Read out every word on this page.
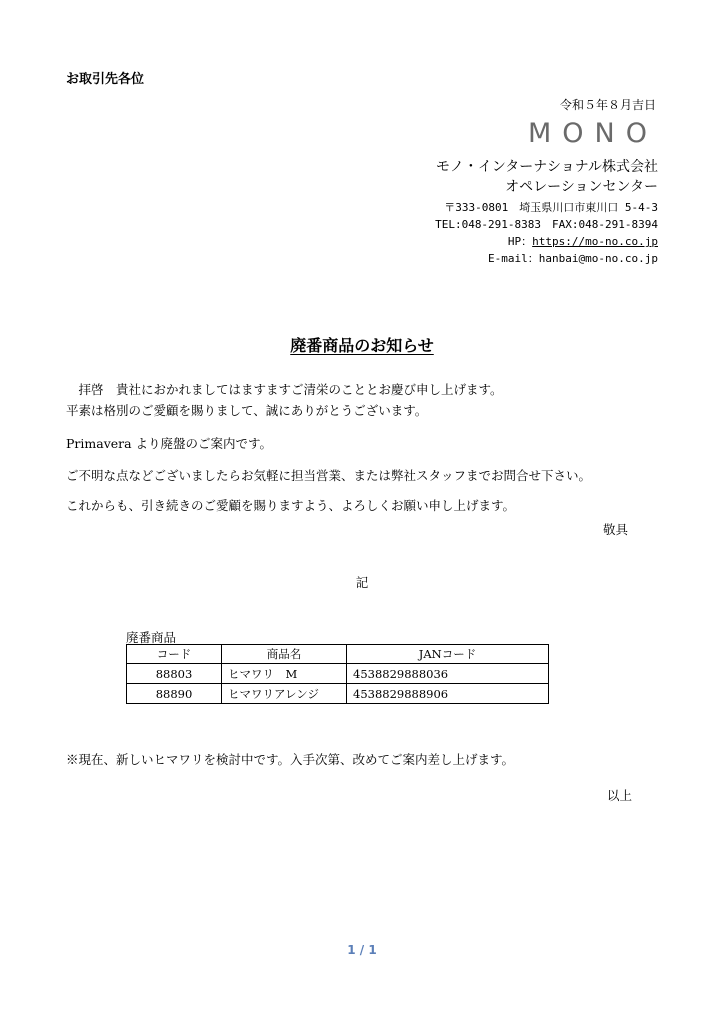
お取引先各位
令和５年８月吉日
MONO
モノ・インターナショナル株式会社
オペレーションセンター
〒333-0801　埼玉県川口市東川口 5-4-3
TEL:048-291-8383　FAX:048-291-8394
HP：https://mo-no.co.jp
E-mail：hanbai@mo-no.co.jp
廃番商品のお知らせ
　拝啓　貴社におかれましてはますますご清栄のこととお慶び申し上げます。
平素は格別のご愛顧を賜りまして、誠にありがとうございます。
Primavera より廃盤のご案内です。
ご不明な点などございましたらお気軽に担当営業、または弊社スタッフまでお問合せ下さい。
これからも、引き続きのご愛顧を賜りますよう、よろしくお願い申し上げます。
敬具
記
廃番商品
コード	商品名	JANコード
88803	ヒマワリ　M	4538829888036
88890	ヒマワリアレンジ	4538829888906
※現在、新しいヒマワリを検討中です。入手次第、改めてご案内差し上げます。
以上
1 / 1
